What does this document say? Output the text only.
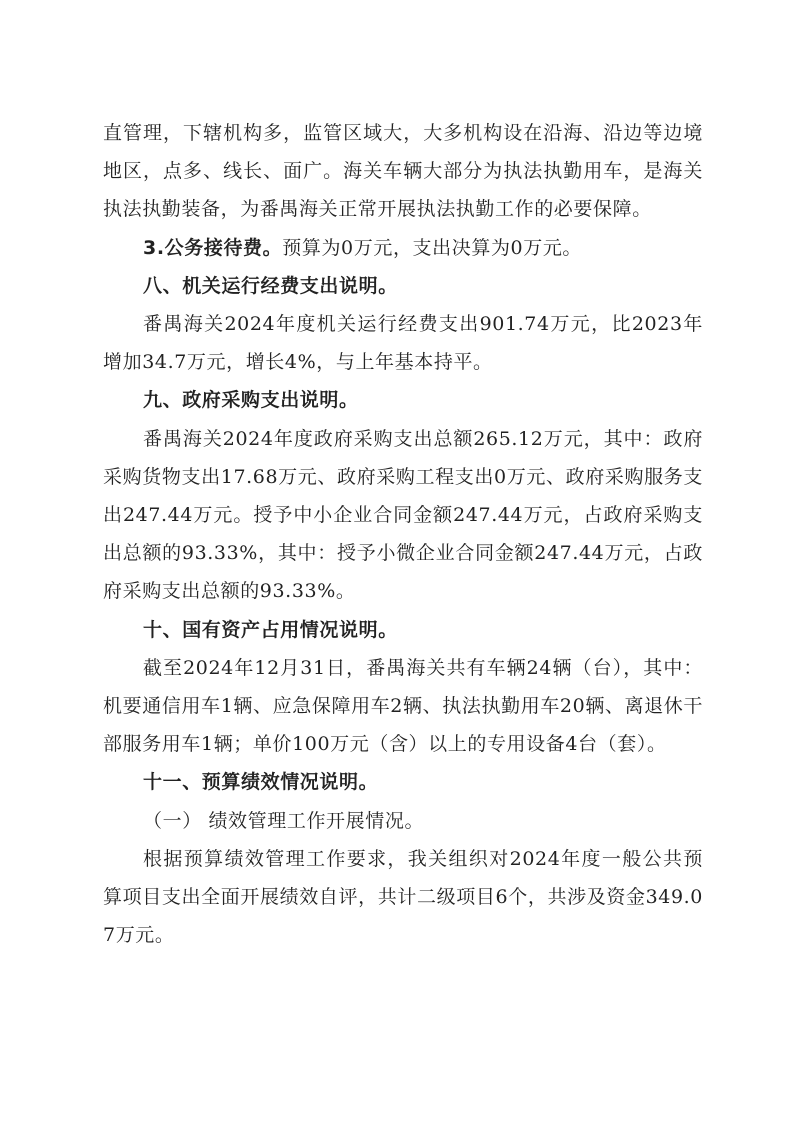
直管理，下辖机构多，监管区域大，大多机构设在沿海、沿边等边境地区，点多、线长、面广。海关车辆大部分为执法执勤用车，是海关执法执勤装备，为番禺海关正常开展执法执勤工作的必要保障。

3.公务接待费。预算为0万元，支出决算为0万元。

八、机关运行经费支出说明。

番禺海关2024年度机关运行经费支出901.74万元，比2023年增加34.7万元，增长4%，与上年基本持平。

九、政府采购支出说明。

番禺海关2024年度政府采购支出总额265.12万元，其中：政府采购货物支出17.68万元、政府采购工程支出0万元、政府采购服务支出247.44万元。授予中小企业合同金额247.44万元，占政府采购支出总额的93.33%，其中：授予小微企业合同金额247.44万元，占政府采购支出总额的93.33%。

十、国有资产占用情况说明。

截至2024年12月31日，番禺海关共有车辆24辆（台），其中：机要通信用车1辆、应急保障用车2辆、执法执勤用车20辆、离退休干部服务用车1辆；单价100万元（含）以上的专用设备4台（套）。

十一、预算绩效情况说明。

（一） 绩效管理工作开展情况。

根据预算绩效管理工作要求，我关组织对2024年度一般公共预算项目支出全面开展绩效自评，共计二级项目6个，共涉及资金349.07万元。
